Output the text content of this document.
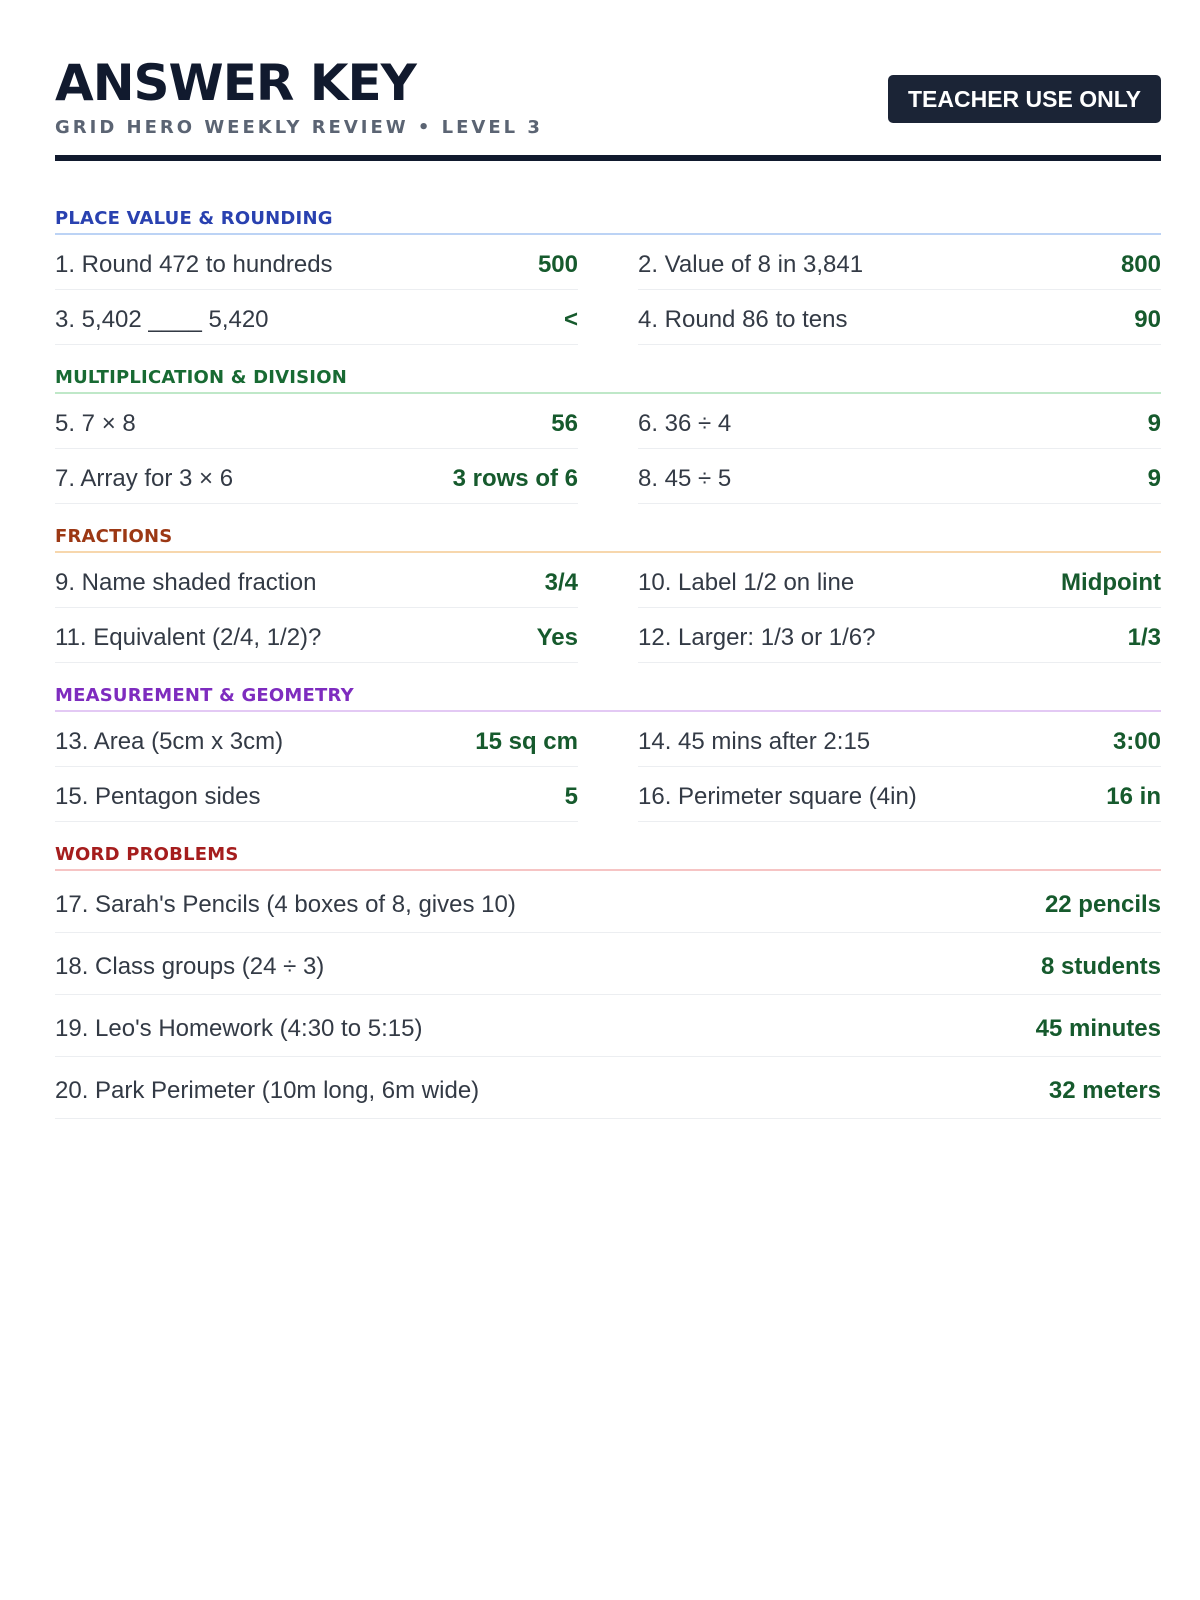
ANSWER KEY
GRID HERO WEEKLY REVIEW • LEVEL 3
TEACHER USE ONLY
PLACE VALUE & ROUNDING
1. Round 472 to hundreds	500	2. Value of 8 in 3,841	800
3. 5,402 ____ 5,420	<	4. Round 86 to tens	90
MULTIPLICATION & DIVISION
5. 7 × 8	56	6. 36 ÷ 4	9
7. Array for 3 × 6	3 rows of 6	8. 45 ÷ 5	9
FRACTIONS
9. Name shaded fraction	3/4	10. Label 1/2 on line	Midpoint
11. Equivalent (2/4, 1/2)?	Yes	12. Larger: 1/3 or 1/6?	1/3
MEASUREMENT & GEOMETRY
13. Area (5cm x 3cm)	15 sq cm	14. 45 mins after 2:15	3:00
15. Pentagon sides	5	16. Perimeter square (4in)	16 in
WORD PROBLEMS
17. Sarah's Pencils (4 boxes of 8, gives 10)	22 pencils
18. Class groups (24 ÷ 3)	8 students
19. Leo's Homework (4:30 to 5:15)	45 minutes
20. Park Perimeter (10m long, 6m wide)	32 meters
